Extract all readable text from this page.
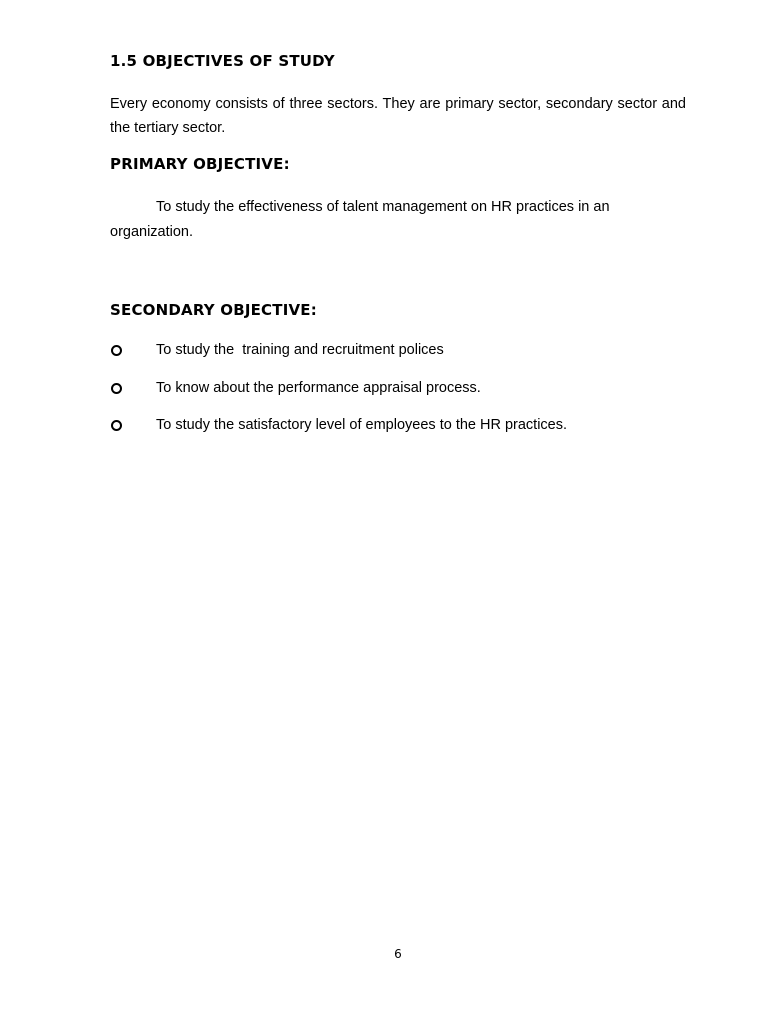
1.5 OBJECTIVES OF STUDY

Every economy consists of three sectors. They are primary sector, secondary sector and the tertiary sector.

PRIMARY OBJECTIVE:

To study the effectiveness of talent management on HR practices in an organization.

SECONDARY OBJECTIVE:
To study the  training and recruitment polices
To know about the performance appraisal process.
To study the satisfactory level of employees to the HR practices.
6
